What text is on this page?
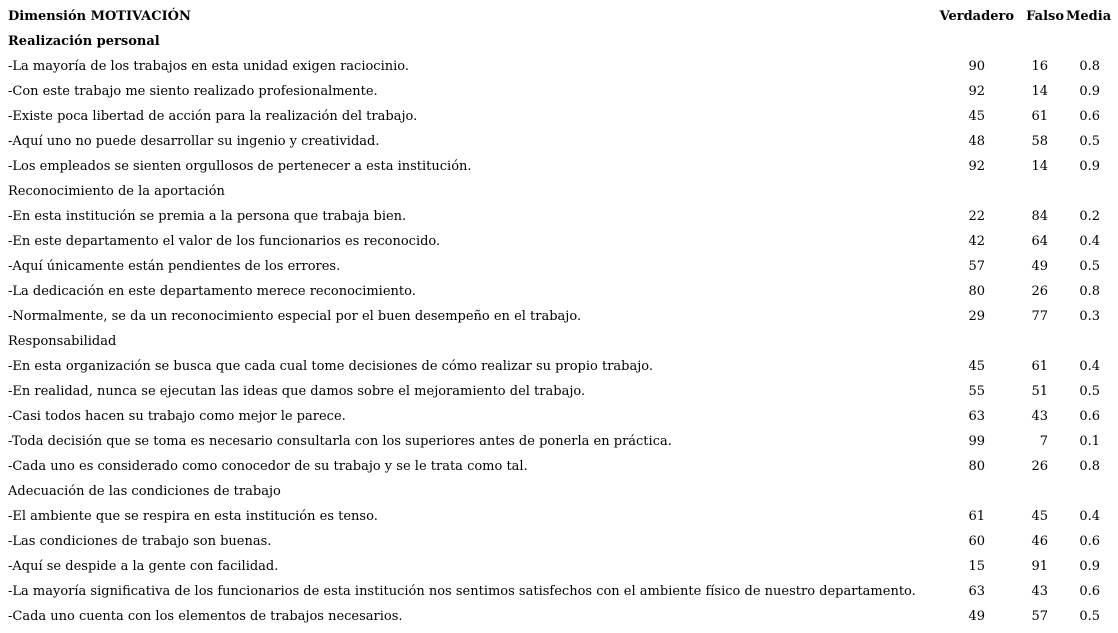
Dimensión MOTIVACIÓN	Verdadero	Falso	Media
Realización personal			
-La mayoría de los trabajos en esta unidad exigen raciocinio.	90	16	0.8
-Con este trabajo me siento realizado profesionalmente.	92	14	0.9
-Existe poca libertad de acción para la realización del trabajo.	45	61	0.6
-Aquí uno no puede desarrollar su ingenio y creatividad.	48	58	0.5
-Los empleados se sienten orgullosos de pertenecer a esta institución.	92	14	0.9
Reconocimiento de la aportación			
-En esta institución se premia a la persona que trabaja bien.	22	84	0.2
-En este departamento el valor de los funcionarios es reconocido.	42	64	0.4
-Aquí únicamente están pendientes de los errores.	57	49	0.5
-La dedicación en este departamento merece reconocimiento.	80	26	0.8
-Normalmente, se da un reconocimiento especial por el buen desempeño en el trabajo.	29	77	0.3
Responsabilidad			
-En esta organización se busca que cada cual tome decisiones de cómo realizar su propio trabajo.	45	61	0.4
-En realidad, nunca se ejecutan las ideas que damos sobre el mejoramiento del trabajo.	55	51	0.5
-Casi todos hacen su trabajo como mejor le parece.	63	43	0.6
-Toda decisión que se toma es necesario consultarla con los superiores antes de ponerla en práctica.	99	7	0.1
-Cada uno es considerado como conocedor de su trabajo y se le trata como tal.	80	26	0.8
Adecuación de las condiciones de trabajo			
-El ambiente que se respira en esta institución es tenso.	61	45	0.4
-Las condiciones de trabajo son buenas.	60	46	0.6
-Aquí se despide a la gente con facilidad.	15	91	0.9
-La mayoría significativa de los funcionarios de esta institución nos sentimos satisfechos con el ambiente físico de nuestro departamento.	63	43	0.6
-Cada uno cuenta con los elementos de trabajos necesarios.	49	57	0.5
